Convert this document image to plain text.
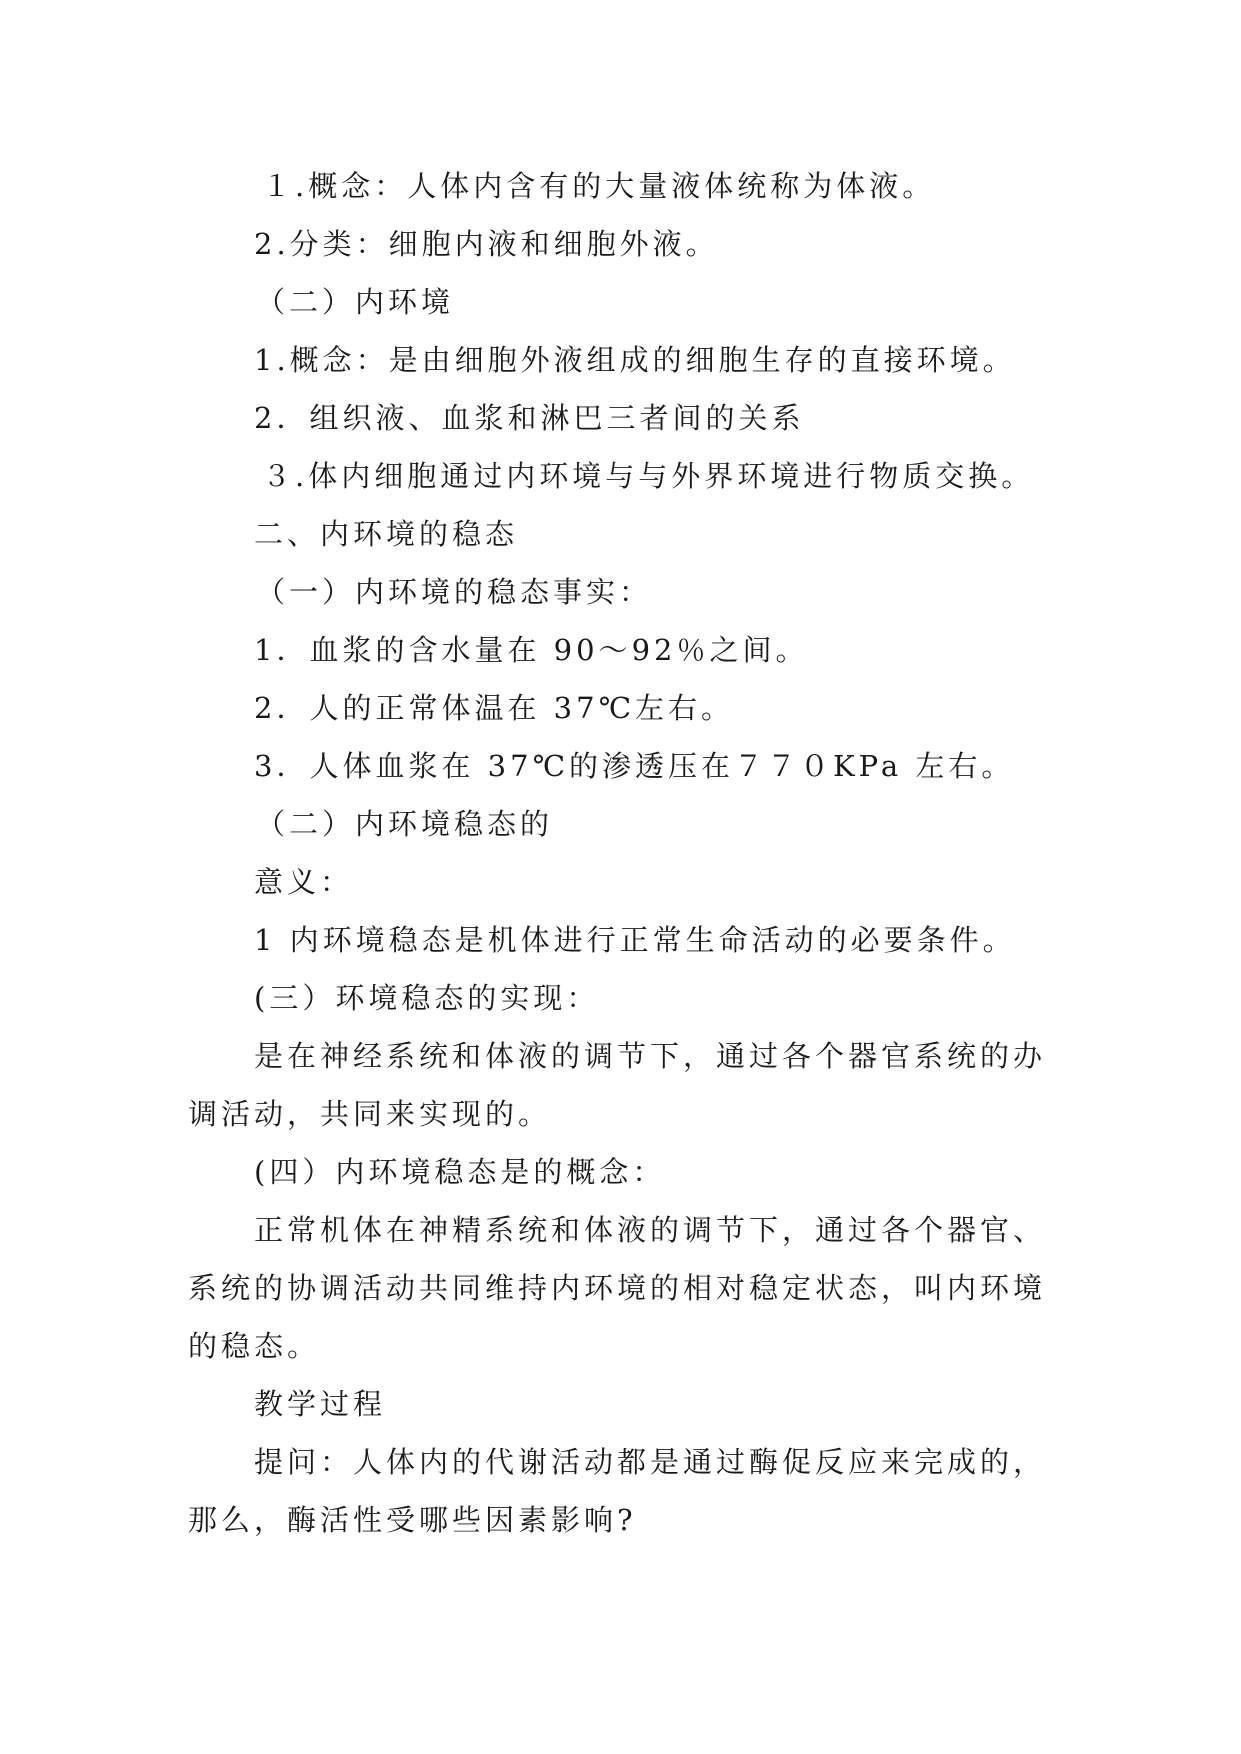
１.概念：人体内含有的大量液体统称为体液。
2.分类：细胞内液和细胞外液。
（二）内环境
1.概念：是由细胞外液组成的细胞生存的直接环境。
2．组织液、血浆和淋巴三者间的关系
３.体内细胞通过内环境与与外界环境进行物质交换。
二、内环境的稳态
（一）内环境的稳态事实：
1．血浆的含水量在 90～92％之间。
2．人的正常体温在 37℃左右。
3．人体血浆在 37℃的渗透压在７７０KPa 左右。
（二）内环境稳态的
意义：
1 内环境稳态是机体进行正常生命活动的必要条件。
(三）环境稳态的实现：
是在神经系统和体液的调节下，通过各个器官系统的办
调活动，共同来实现的。
(四）内环境稳态是的概念：
正常机体在神精系统和体液的调节下，通过各个器官、
系统的协调活动共同维持内环境的相对稳定状态，叫内环境
的稳态。
教学过程
提问：人体内的代谢活动都是通过酶促反应来完成的，
那么，酶活性受哪些因素影响?
